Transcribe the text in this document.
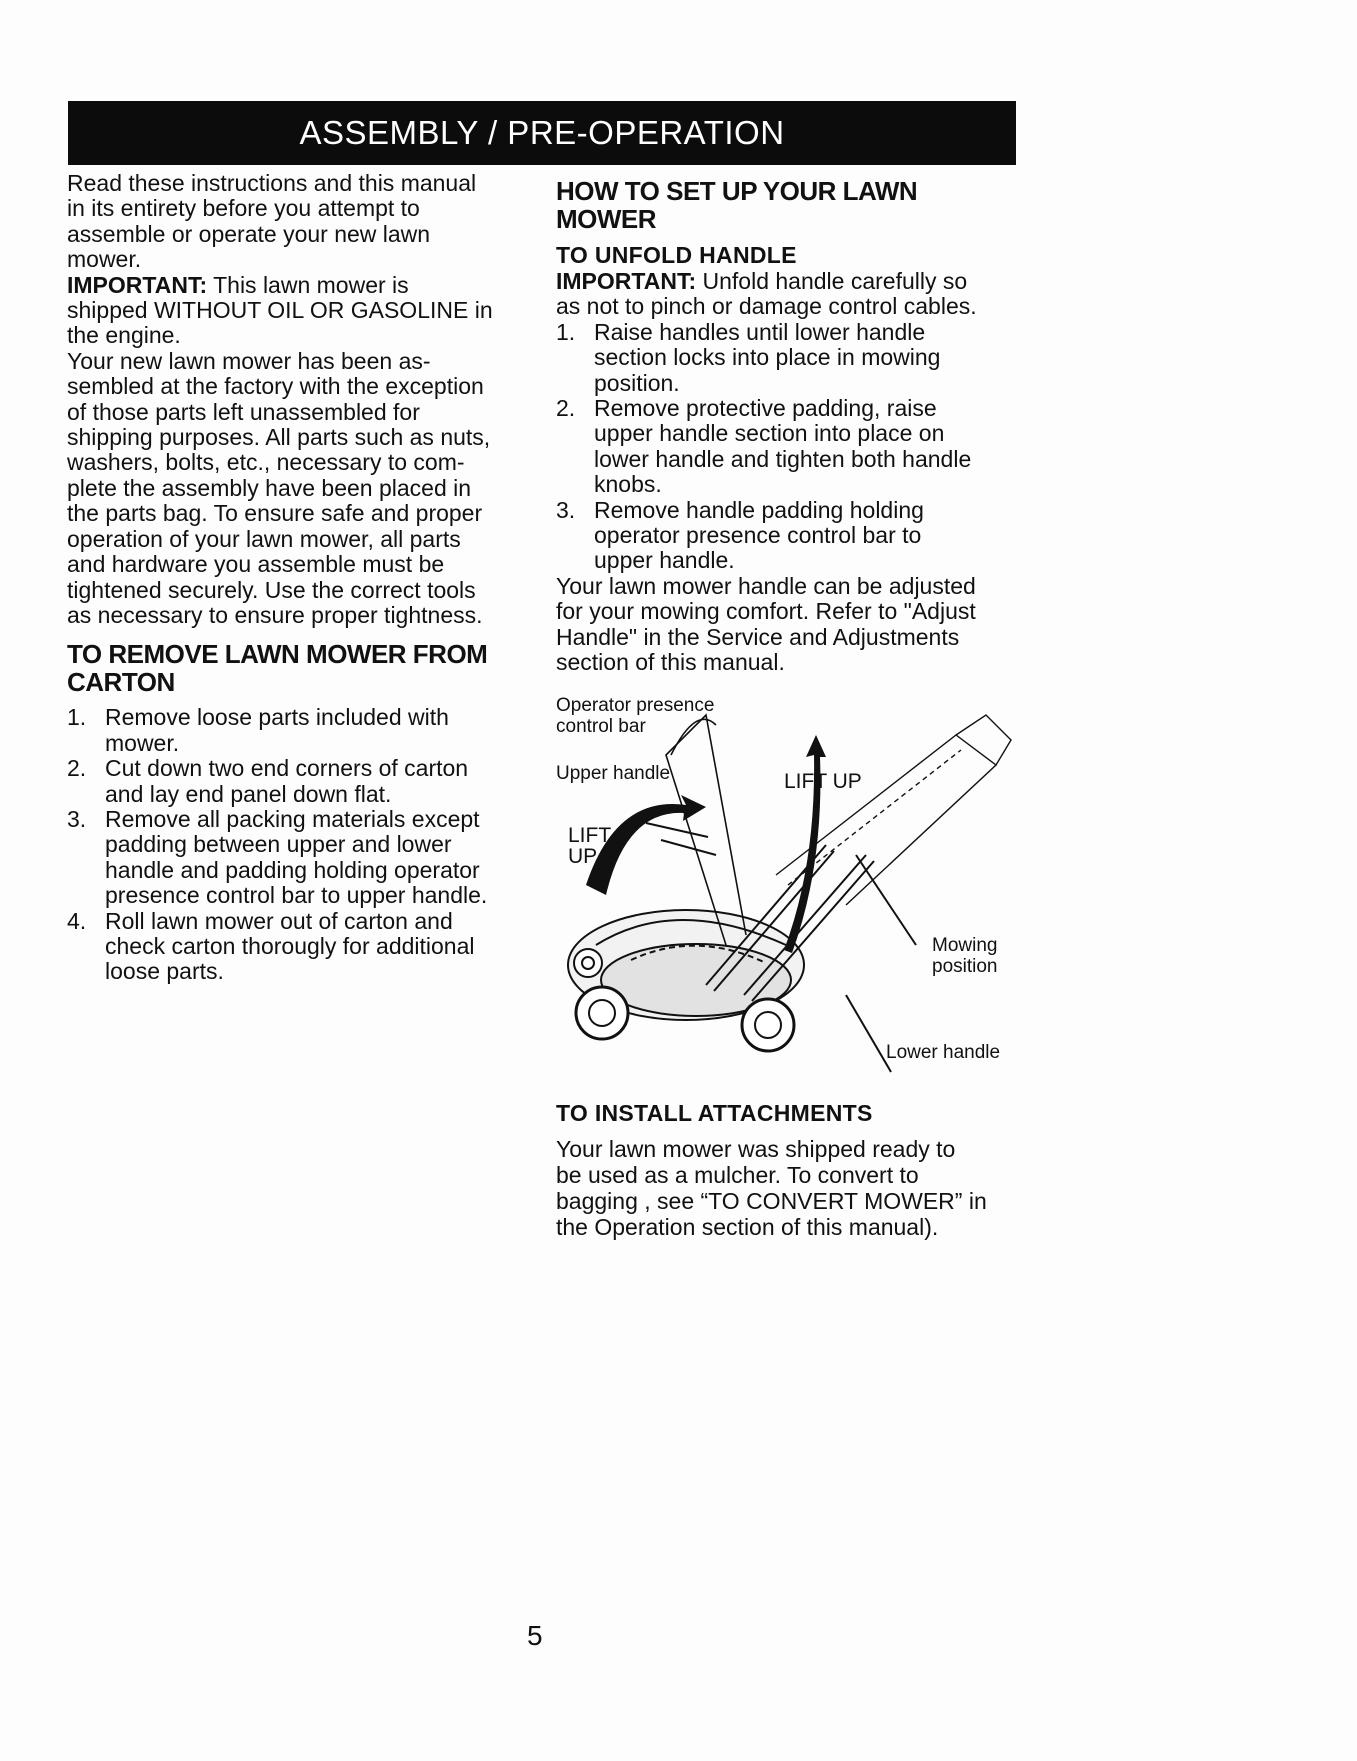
ASSEMBLY / PRE-OPERATION

Read these instructions and this manual

in its entirety before you attempt to

assemble or operate your new lawn

mower.

IMPORTANT: This lawn mower is

shipped WITHOUT OIL OR GASOLINE in

the engine.

Your new lawn mower has been as-

sembled at the factory with the exception

of those parts left unassembled for

shipping purposes. All parts such as nuts,

washers, bolts, etc., necessary to com-

plete the assembly have been placed in

the parts bag. To ensure safe and proper

operation of your lawn mower, all parts

and hardware you assemble must be

tightened securely. Use the correct tools

as necessary to ensure proper tightness.

TO REMOVE LAWN MOWER FROM
CARTON
1. Remove loose parts included with
mower.
2. Cut down two end corners of carton
and lay end panel down flat.
3. Remove all packing materials except
padding between upper and lower
handle and padding holding operator
presence control bar to upper handle.
4. Roll lawn mower out of carton and
check carton thorougly for additional
loose parts.
HOW TO SET UP YOUR LAWN
MOWER
TO UNFOLD HANDLE

IMPORTANT: Unfold handle carefully so

as not to pinch or damage control cables.

1. Raise handles until lower handle
section locks into place in mowing
position.
2. Remove protective padding, raise
upper handle section into place on
lower handle and tighten both handle
knobs.
3. Remove handle padding holding
operator presence control bar to
upper handle.

Your lawn mower handle can be adjusted

for your mowing comfort. Refer to "Adjust

Handle" in the Service and Adjustments

section of this manual.

Operator presence
control bar
Upper handle	LIFT UP
LIFT
UP
Mowing
position
Lower handle
TO INSTALL ATTACHMENTS

Your lawn mower was shipped ready to

be used as a mulcher. To convert to

bagging , see “TO CONVERT MOWER” in

the Operation section of this manual).

5
